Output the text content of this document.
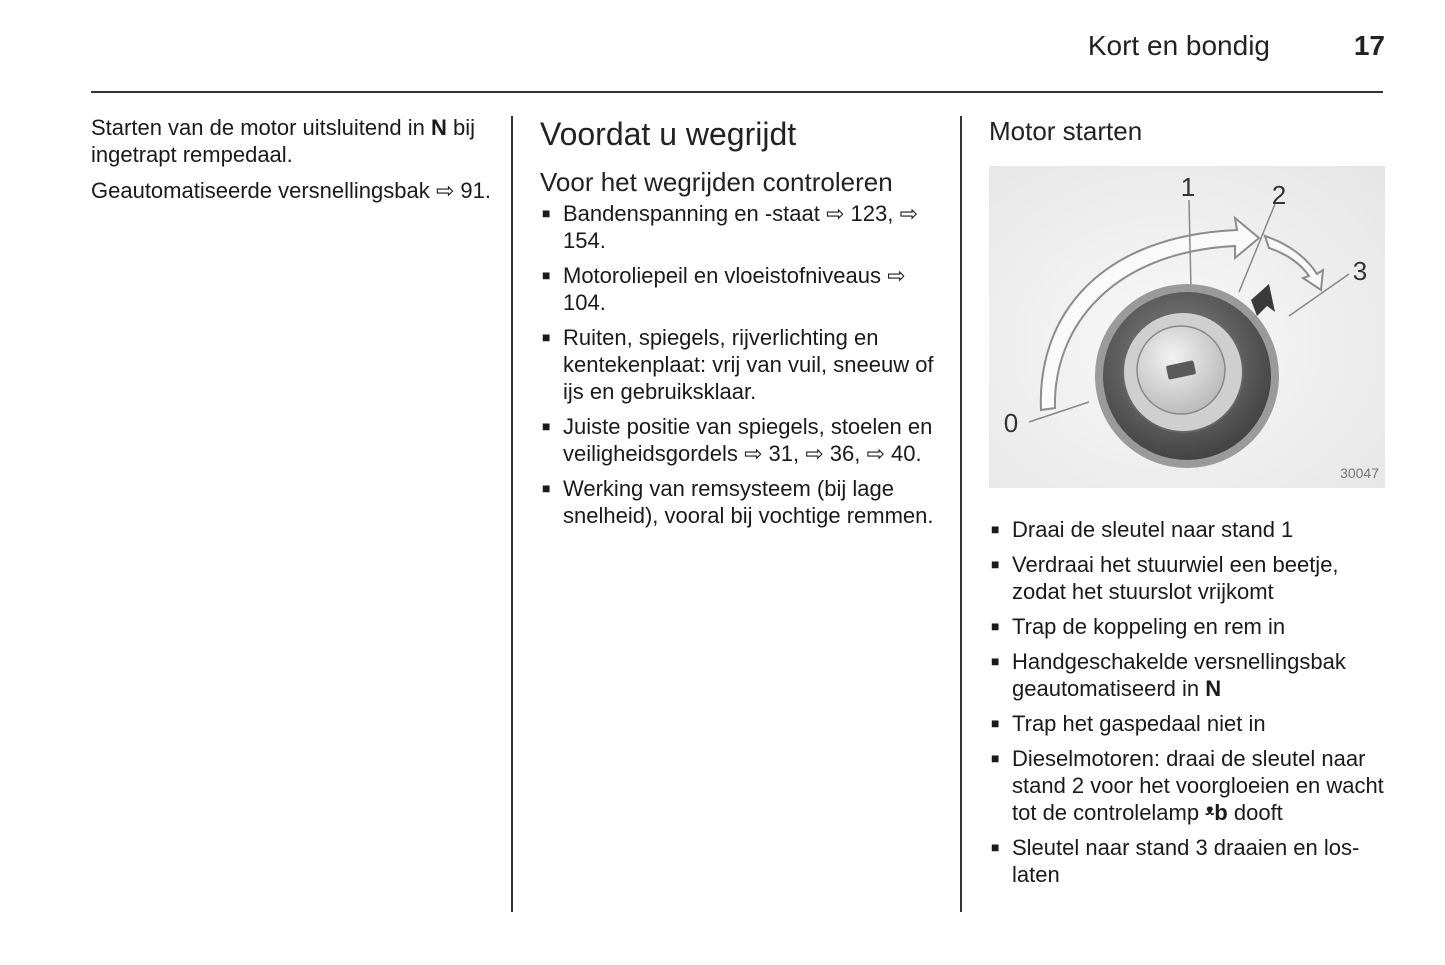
Kort en bondig	17

Starten van de motor uitsluitend in N bij ingetrapt rempedaal.

Geautomatiseerde versnellingsbak ⇨ 91.

Voordat u wegrijdt
Voor het wegrijden controleren
■ Bandenspanning en -staat ⇨ 123, ⇨ 154.
■ Motoroliepeil en vloeistofniveaus ⇨ 104.
■ Ruiten, spiegels, rijverlichting en kentekenplaat: vrij van vuil, sneeuw of ijs en gebruiksklaar.
■ Juiste positie van spiegels, stoelen en veiligheidsgordels ⇨ 31, ⇨ 36, ⇨ 40.
■ Werking van remsysteem (bij lage snelheid), vooral bij vochtige remmen.
Motor starten
1	2
3
0
30047
■ Draai de sleutel naar stand 1
■ Verdraai het stuurwiel een beetje, zodat het stuurslot vrijkomt
■ Trap de koppeling en rem in
■ Handgeschakelde versnellingsbak geautomatiseerd in N
■ Trap het gaspedaal niet in
■ Dieselmotoren: draai de sleutel naar stand 2 voor het voorgloeien en wacht tot de controlelamp ᵜb dooft
■ Sleutel naar stand 3 draaien en loslaten
